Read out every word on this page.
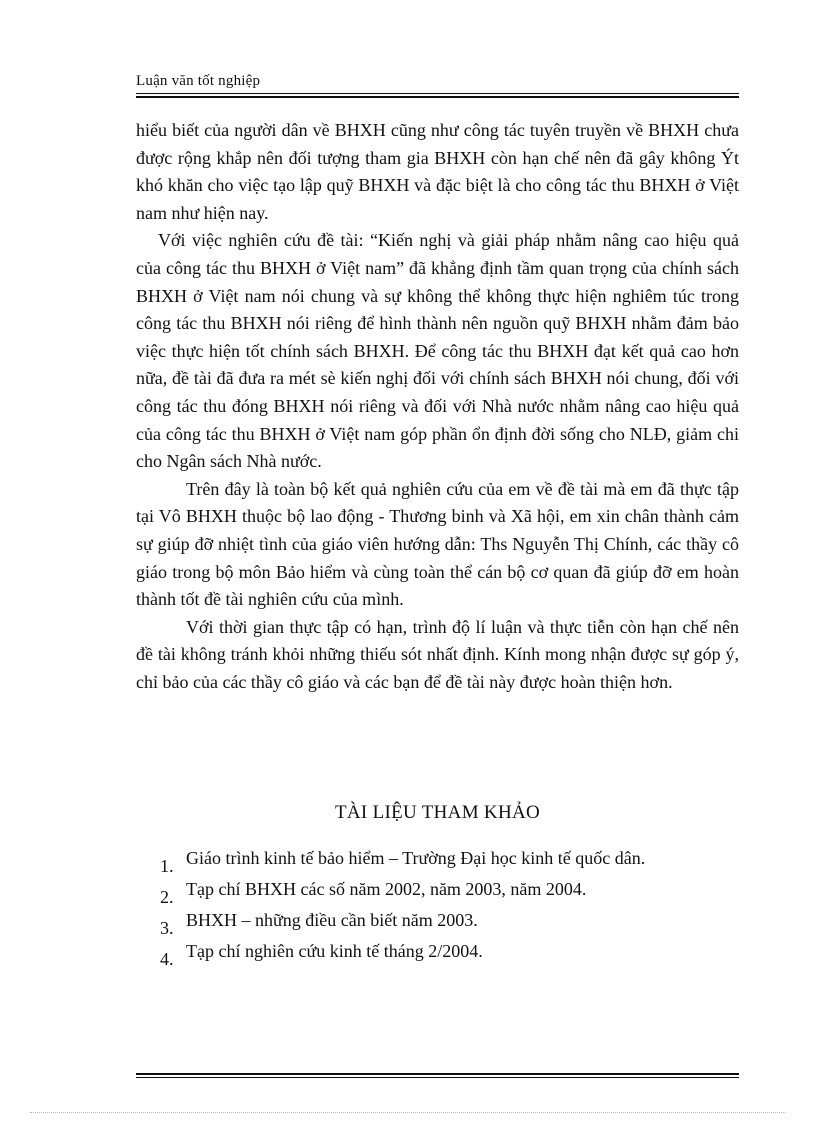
Luận văn tốt nghiệp

hiểu biết của người dân về BHXH cũng như công tác tuyên truyền về BHXH chưa được rộng khắp nên đối tượng tham gia BHXH còn hạn chế nên đã gây không Ýt khó khăn cho việc tạo lập quỹ BHXH và đặc biệt là cho công tác thu BHXH ở Việt nam như hiện nay.

Với việc nghiên cứu đề tài: “Kiến nghị và giải pháp nhằm nâng cao hiệu quả của công tác thu BHXH ở Việt nam” đã khẳng định tầm quan trọng của chính sách BHXH ở Việt nam nói chung và sự không thể không thực hiện nghiêm túc trong công tác thu BHXH nói riêng để hình thành nên nguồn quỹ BHXH nhằm đảm bảo việc thực hiện tốt chính sách BHXH. Để công tác thu BHXH đạt kết quả cao hơn nữa, đề tài đã đưa ra mét sè kiến nghị đối với chính sách BHXH nói chung, đối với công tác thu đóng BHXH nói riêng và đối với Nhà nước nhằm nâng cao hiệu quả của công tác thu BHXH ở Việt nam góp phần ổn định đời sống cho NLĐ, giảm chi cho Ngân sách Nhà nước.

Trên đây là toàn bộ kết quả nghiên cứu của em về đề tài mà em đã thực tập tại Vô BHXH thuộc bộ lao động - Thương binh và Xã hội, em xin chân thành cảm sự giúp đỡ nhiệt tình của giáo viên hướng dẫn: Ths Nguyễn Thị Chính, các thầy cô giáo trong bộ môn Bảo hiểm và cùng toàn thể cán bộ cơ quan đã giúp đỡ em hoàn thành tốt đề tài nghiên cứu của mình.

Với thời gian thực tập có hạn, trình độ lí luận và thực tiễn còn hạn chế nên đề tài không tránh khỏi những thiếu sót nhất định. Kính mong nhận được sự góp ý, chỉ bảo của các thầy cô giáo và các bạn để đề tài này được hoàn thiện hơn.

TÀI LIỆU THAM KHẢO
1. Giáo trình kinh tế bảo hiểm – Trường Đại học kinh tế quốc dân.
2. Tạp chí BHXH các số năm 2002, năm 2003, năm 2004.
3. BHXH – những điều cần biết năm 2003.
4. Tạp chí nghiên cứu kinh tế tháng 2/2004.
